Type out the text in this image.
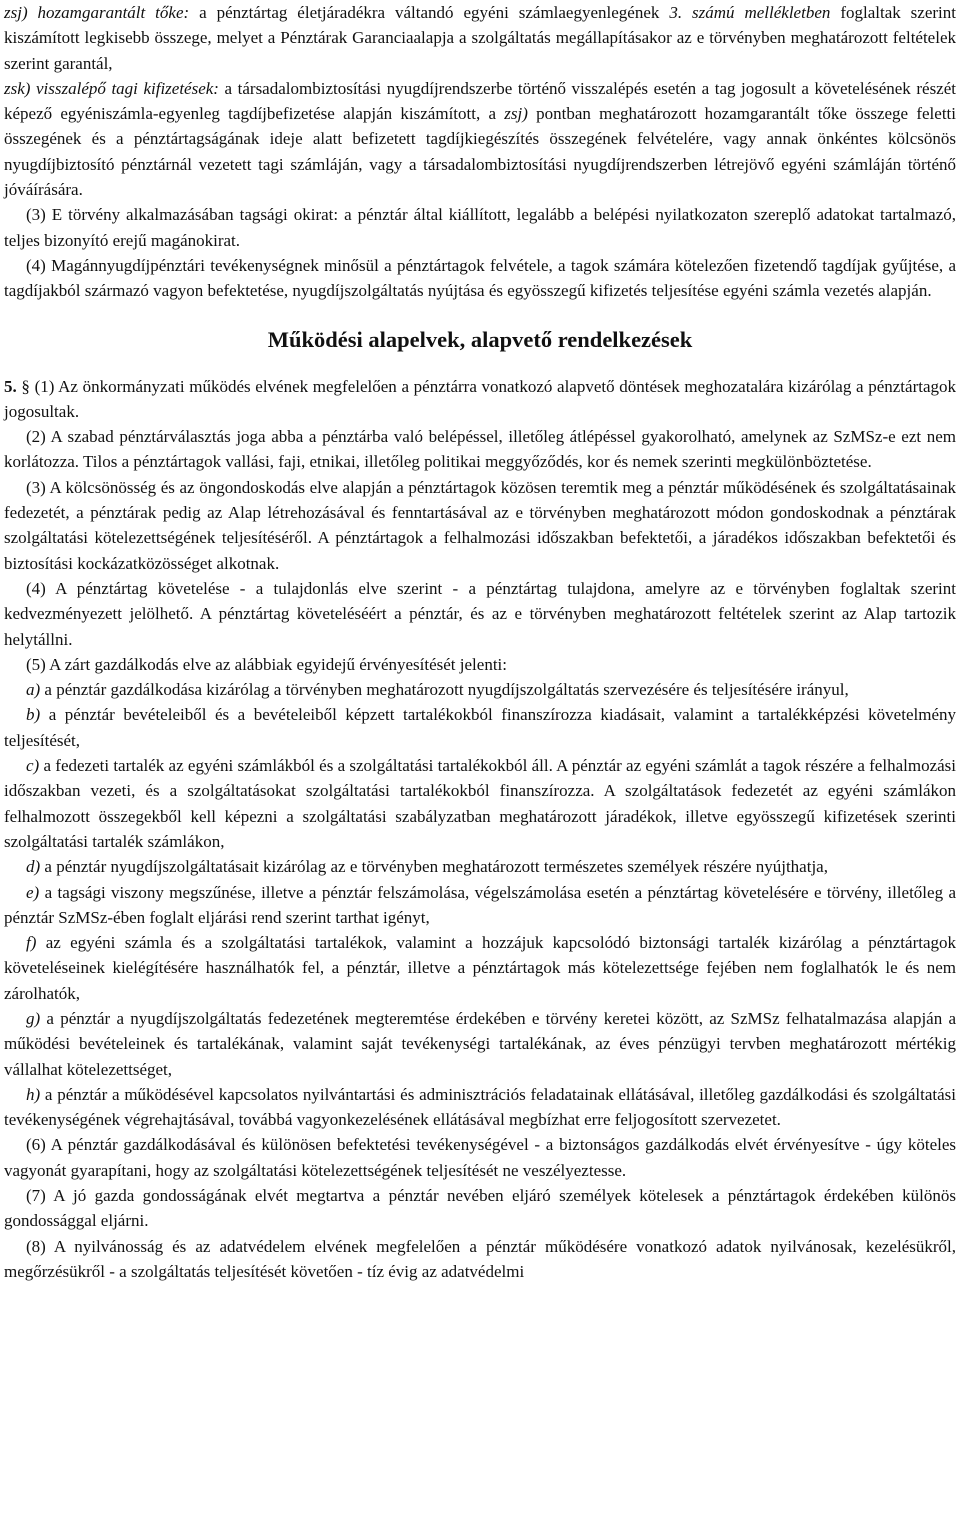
zsj) hozamgarantált tőke: a pénztártag életjáradékra váltandó egyéni számlaegyenlegének 3. számú mellékletben foglaltak szerint kiszámított legkisebb összege, melyet a Pénztárak Garanciaalapja a szolgáltatás megállapításakor az e törvényben meghatározott feltételek szerint garantál,

zsk) visszalépő tagi kifizetések: a társadalombiztosítási nyugdíjrendszerbe történő visszalépés esetén a tag jogosult a követelésének részét képező egyéniszámla-egyenleg tagdíjbefizetése alapján kiszámított, a zsj) pontban meghatározott hozamgarantált tőke összege feletti összegének és a pénztártagságának ideje alatt befizetett tagdíjkiegészítés összegének felvételére, vagy annak önkéntes kölcsönös nyugdíjbiztosító pénztárnál vezetett tagi számláján, vagy a társadalombiztosítási nyugdíjrendszerben létrejövő egyéni számláján történő jóváírására.

(3) E törvény alkalmazásában tagsági okirat: a pénztár által kiállított, legalább a belépési nyilatkozaton szereplő adatokat tartalmazó, teljes bizonyító erejű magánokirat.

(4) Magánnyugdíjpénztári tevékenységnek minősül a pénztártagok felvétele, a tagok számára kötelezően fizetendő tagdíjak gyűjtése, a tagdíjakból származó vagyon befektetése, nyugdíjszolgáltatás nyújtása és egyösszegű kifizetés teljesítése egyéni számla vezetés alapján.

Működési alapelvek, alapvető rendelkezések

5. § (1) Az önkormányzati működés elvének megfelelően a pénztárra vonatkozó alapvető döntések meghozatalára kizárólag a pénztártagok jogosultak.

(2) A szabad pénztárválasztás joga abba a pénztárba való belépéssel, illetőleg átlépéssel gyakorolható, amelynek az SzMSz-e ezt nem korlátozza. Tilos a pénztártagok vallási, faji, etnikai, illetőleg politikai meggyőződés, kor és nemek szerinti megkülönböztetése.

(3) A kölcsönösség és az öngondoskodás elve alapján a pénztártagok közösen teremtik meg a pénztár működésének és szolgáltatásainak fedezetét, a pénztárak pedig az Alap létrehozásával és fenntartásával az e törvényben meghatározott módon gondoskodnak a pénztárak szolgáltatási kötelezettségének teljesítéséről. A pénztártagok a felhalmozási időszakban befektetői, a járadékos időszakban befektetői és biztosítási kockázatközösséget alkotnak.

(4) A pénztártag követelése - a tulajdonlás elve szerint - a pénztártag tulajdona, amelyre az e törvényben foglaltak szerint kedvezményezett jelölhető. A pénztártag követeléséért a pénztár, és az e törvényben meghatározott feltételek szerint az Alap tartozik helytállni.

(5) A zárt gazdálkodás elve az alábbiak egyidejű érvényesítését jelenti:

a) a pénztár gazdálkodása kizárólag a törvényben meghatározott nyugdíjszolgáltatás szervezésére és teljesítésére irányul,

b) a pénztár bevételeiből és a bevételeiből képzett tartalékokból finanszírozza kiadásait, valamint a tartalékképzési követelmény teljesítését,

c) a fedezeti tartalék az egyéni számlákból és a szolgáltatási tartalékokból áll. A pénztár az egyéni számlát a tagok részére a felhalmozási időszakban vezeti, és a szolgáltatásokat szolgáltatási tartalékokból finanszírozza. A szolgáltatások fedezetét az egyéni számlákon felhalmozott összegekből kell képezni a szolgáltatási szabályzatban meghatározott járadékok, illetve egyösszegű kifizetések szerinti szolgáltatási tartalék számlákon,

d) a pénztár nyugdíjszolgáltatásait kizárólag az e törvényben meghatározott természetes személyek részére nyújthatja,

e) a tagsági viszony megszűnése, illetve a pénztár felszámolása, végelszámolása esetén a pénztártag követelésére e törvény, illetőleg a pénztár SzMSz-ében foglalt eljárási rend szerint tarthat igényt,

f) az egyéni számla és a szolgáltatási tartalékok, valamint a hozzájuk kapcsolódó biztonsági tartalék kizárólag a pénztártagok követeléseinek kielégítésére használhatók fel, a pénztár, illetve a pénztártagok más kötelezettsége fejében nem foglalhatók le és nem zárolhatók,

g) a pénztár a nyugdíjszolgáltatás fedezetének megteremtése érdekében e törvény keretei között, az SzMSz felhatalmazása alapján a működési bevételeinek és tartalékának, valamint saját tevékenységi tartalékának, az éves pénzügyi tervben meghatározott mértékig vállalhat kötelezettséget,

h) a pénztár a működésével kapcsolatos nyilvántartási és adminisztrációs feladatainak ellátásával, illetőleg gazdálkodási és szolgáltatási tevékenységének végrehajtásával, továbbá vagyonkezelésének ellátásával megbízhat erre feljogosított szervezetet.

(6) A pénztár gazdálkodásával és különösen befektetési tevékenységével - a biztonságos gazdálkodás elvét érvényesítve - úgy köteles vagyonát gyarapítani, hogy az szolgáltatási kötelezettségének teljesítését ne veszélyeztesse.

(7) A jó gazda gondosságának elvét megtartva a pénztár nevében eljáró személyek kötelesek a pénztártagok érdekében különös gondossággal eljárni.

(8) A nyilvánosság és az adatvédelem elvének megfelelően a pénztár működésére vonatkozó adatok nyilvánosak, kezelésükről, megőrzésükről - a szolgáltatás teljesítését követően - tíz évig az adatvédelmi
